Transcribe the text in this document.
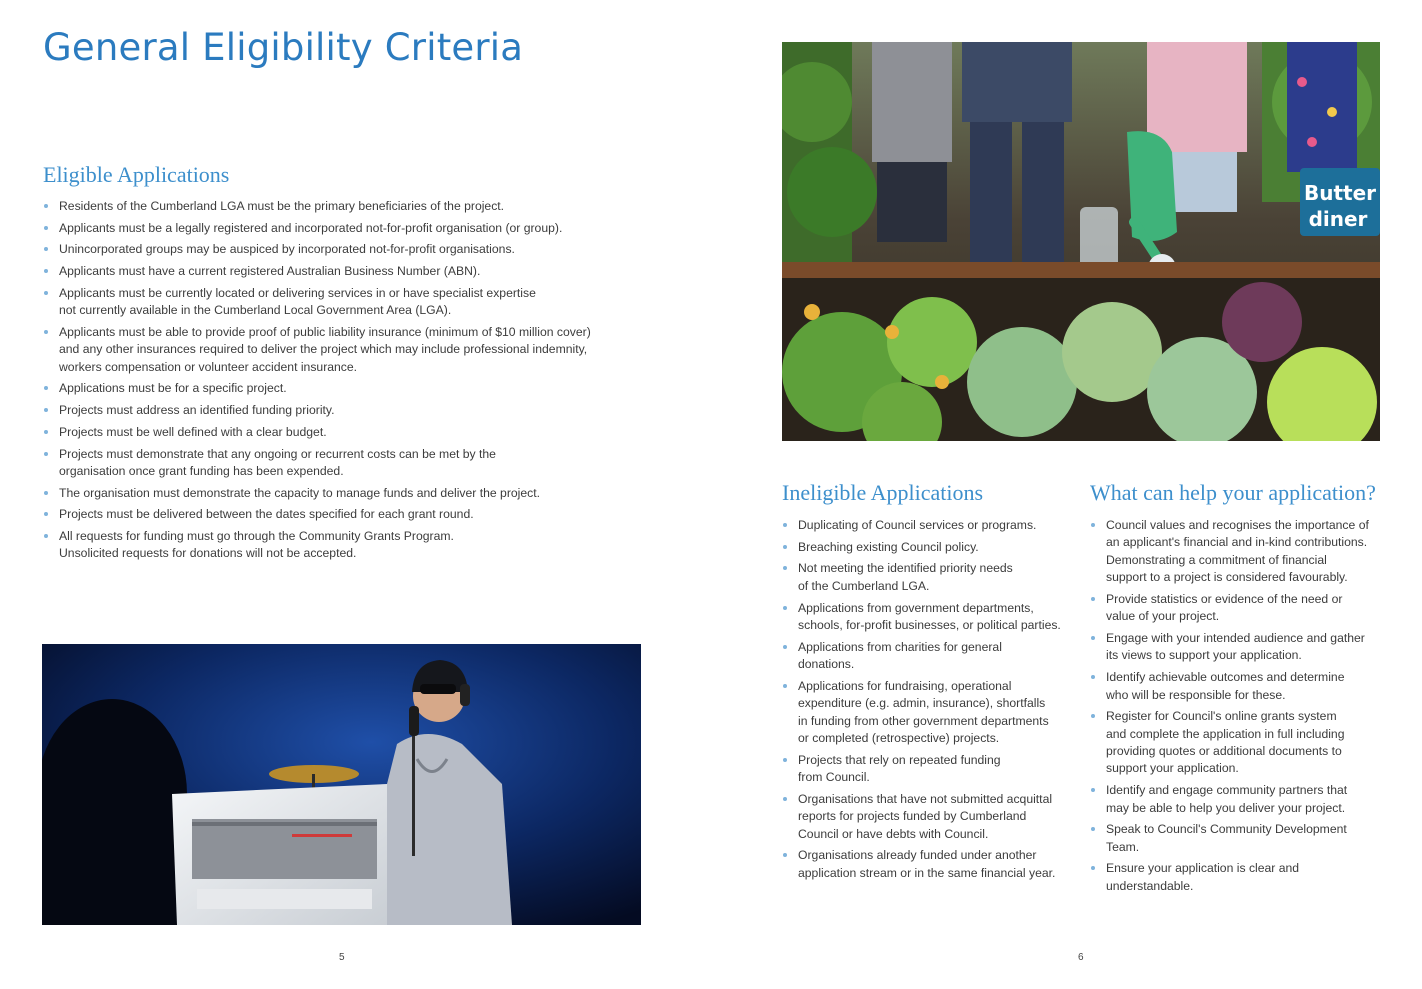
General Eligibility Criteria
Eligible Applications
Residents of the Cumberland LGA must be the primary beneficiaries of the project.
Applicants must be a legally registered and incorporated not-for-profit organisation (or group).
Unincorporated groups may be auspiced by incorporated not-for-profit organisations.
Applicants must have a current registered Australian Business Number (ABN).
Applicants must be currently located or delivering services in or have specialist expertise
not currently available in the Cumberland Local Government Area (LGA).
Applicants must be able to provide proof of public liability insurance (minimum of $10 million cover)
and any other insurances required to deliver the project which may include professional indemnity,
workers compensation or volunteer accident insurance.
Applications must be for a specific project.
Projects must address an identified funding priority.
Projects must be well defined with a clear budget.
Projects must demonstrate that any ongoing or recurrent costs can be met by the
organisation once grant funding has been expended.
The organisation must demonstrate the capacity to manage funds and deliver the project.
Projects must be delivered between the dates specified for each grant round.
All requests for funding must go through the Community Grants Program.
Unsolicited requests for donations will not be accepted.
Butter
diner
Ineligible Applications
Duplicating of Council services or programs.
Breaching existing Council policy.
Not meeting the identified priority needs
of the Cumberland LGA.
Applications from government departments,
schools, for-profit businesses, or political parties.
Applications from charities for general
donations.
Applications for fundraising, operational
expenditure (e.g. admin, insurance), shortfalls
in funding from other government departments
or completed (retrospective) projects.
Projects that rely on repeated funding
from Council.
Organisations that have not submitted acquittal
reports for projects funded by Cumberland
Council or have debts with Council.
Organisations already funded under another
application stream or in the same financial year.
What can help your application?
Council values and recognises the importance of
an applicant's financial and in-kind contributions.
Demonstrating a commitment of financial
support to a project is considered favourably.
Provide statistics or evidence of the need or
value of your project.
Engage with your intended audience and gather
its views to support your application.
Identify achievable outcomes and determine
who will be responsible for these.
Register for Council's online grants system
and complete the application in full including
providing quotes or additional documents to
support your application.
Identify and engage community partners that
may be able to help you deliver your project.
Speak to Council's Community Development
Team.
Ensure your application is clear and
understandable.
5	6
